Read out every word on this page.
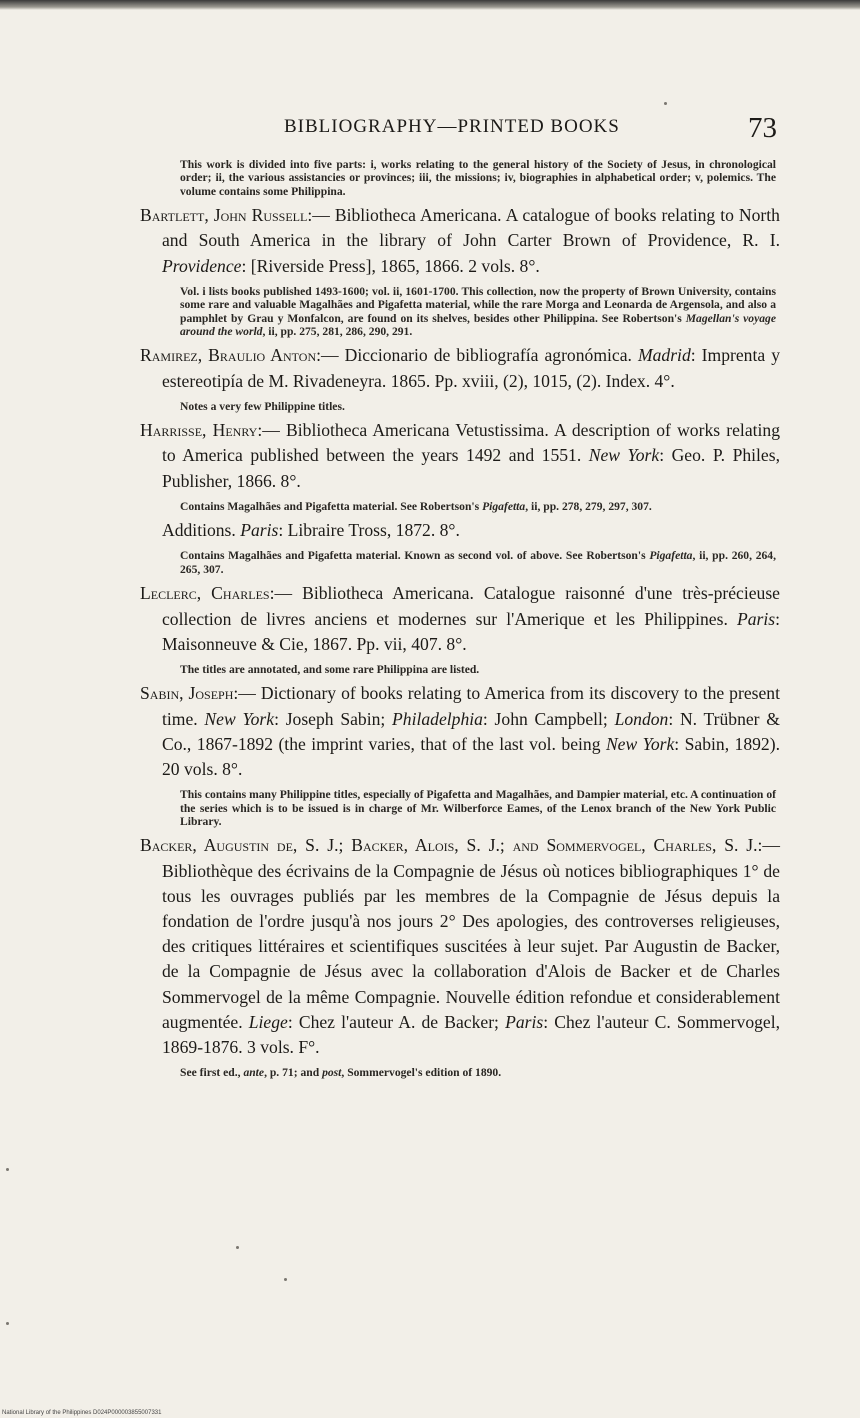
BIBLIOGRAPHY—PRINTED BOOKS	73

This work is divided into five parts: i, works relating to the general history of the Society of Jesus, in chronological order; ii, the various assistancies or provinces; iii, the missions; iv, biographies in alphabetical order; v, polemics. The volume contains some Philippina.

Bartlett, John Russell:— Bibliotheca Americana. A catalogue of books relating to North and South America in the library of John Carter Brown of Providence, R. I. Providence: [Riverside Press], 1865, 1866. 2 vols. 8°.

Vol. i lists books published 1493-1600; vol. ii, 1601-1700. This collection, now the property of Brown University, contains some rare and valuable Magalhães and Pigafetta material, while the rare Morga and Leonarda de Argensola, and also a pamphlet by Grau y Monfalcon, are found on its shelves, besides other Philippina. See Robertson's Magellan's voyage around the world, ii, pp. 275, 281, 286, 290, 291.

Ramirez, Braulio Anton:— Diccionario de bibliografía agronómica. Madrid: Imprenta y estereotipía de M. Rivadeneyra. 1865. Pp. xviii, (2), 1015, (2). Index. 4°.

Notes a very few Philippine titles.

Harrisse, Henry:— Bibliotheca Americana Vetustissima. A description of works relating to America published between the years 1492 and 1551. New York: Geo. P. Philes, Publisher, 1866. 8°.

Contains Magalhães and Pigafetta material. See Robertson's Pigafetta, ii, pp. 278, 279, 297, 307.

Additions. Paris: Libraire Tross, 1872. 8°.

Contains Magalhães and Pigafetta material. Known as second vol. of above. See Robertson's Pigafetta, ii, pp. 260, 264, 265, 307.

Leclerc, Charles:— Bibliotheca Americana. Catalogue raisonné d'une très-précieuse collection de livres anciens et modernes sur l'Amerique et les Philippines. Paris: Maisonneuve & Cie, 1867. Pp. vii, 407. 8°.

The titles are annotated, and some rare Philippina are listed.

Sabin, Joseph:— Dictionary of books relating to America from its discovery to the present time. New York: Joseph Sabin; Philadelphia: John Campbell; London: N. Trübner & Co., 1867-1892 (the imprint varies, that of the last vol. being New York: Sabin, 1892). 20 vols. 8°.

This contains many Philippine titles, especially of Pigafetta and Magalhães, and Dampier material, etc. A continuation of the series which is to be issued is in charge of Mr. Wilberforce Eames, of the Lenox branch of the New York Public Library.

Backer, Augustin de, S. J.; Backer, Alois, S. J.; and Sommervogel, Charles, S. J.:— Bibliothèque des écrivains de la Compagnie de Jésus où notices bibliographiques 1° de tous les ouvrages publiés par les membres de la Compagnie de Jésus depuis la fondation de l'ordre jusqu'à nos jours 2° Des apologies, des controverses religieuses, des critiques littéraires et scientifiques suscitées à leur sujet. Par Augustin de Backer, de la Compagnie de Jésus avec la collaboration d'Alois de Backer et de Charles Sommervogel de la même Compagnie. Nouvelle édition refondue et considerablement augmentée. Liege: Chez l'auteur A. de Backer; Paris: Chez l'auteur C. Sommervogel, 1869-1876. 3 vols. F°.

See first ed., ante, p. 71; and post, Sommervogel's edition of 1890.

National Library of the Philippines D024P000003855007331
